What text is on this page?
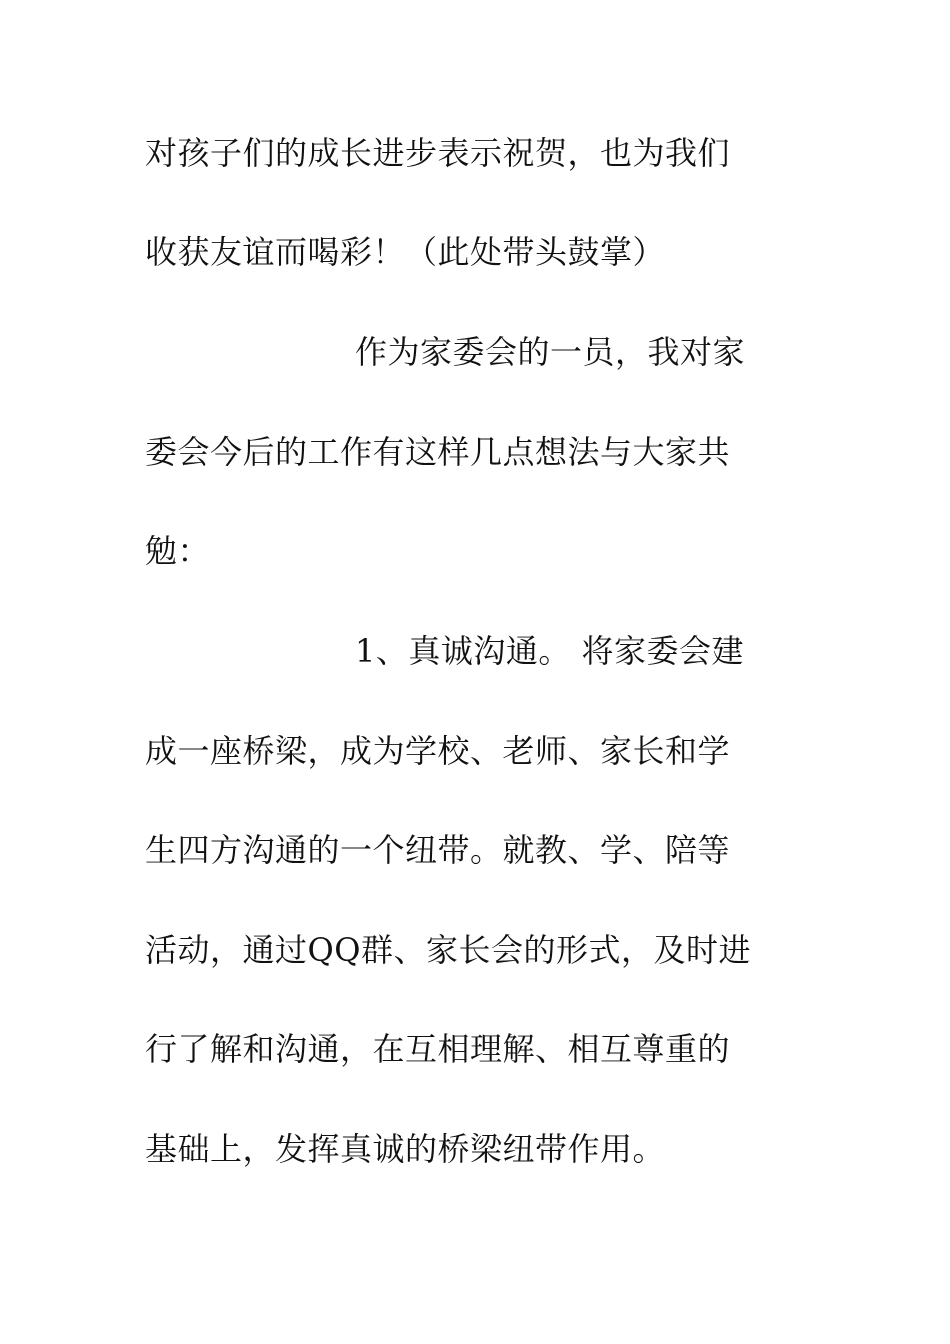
对孩子们的成长进步表示祝贺，也为我们

收获友谊而喝彩！（此处带头鼓掌）

作为家委会的一员，我对家

委会今后的工作有这样几点想法与大家共

勉：

1、真诚沟通。 将家委会建

成一座桥梁，成为学校、老师、家长和学

生四方沟通的一个纽带。就教、学、陪等

活动，通过QQ群、家长会的形式，及时进

行了解和沟通，在互相理解、相互尊重的

基础上，发挥真诚的桥梁纽带作用。
